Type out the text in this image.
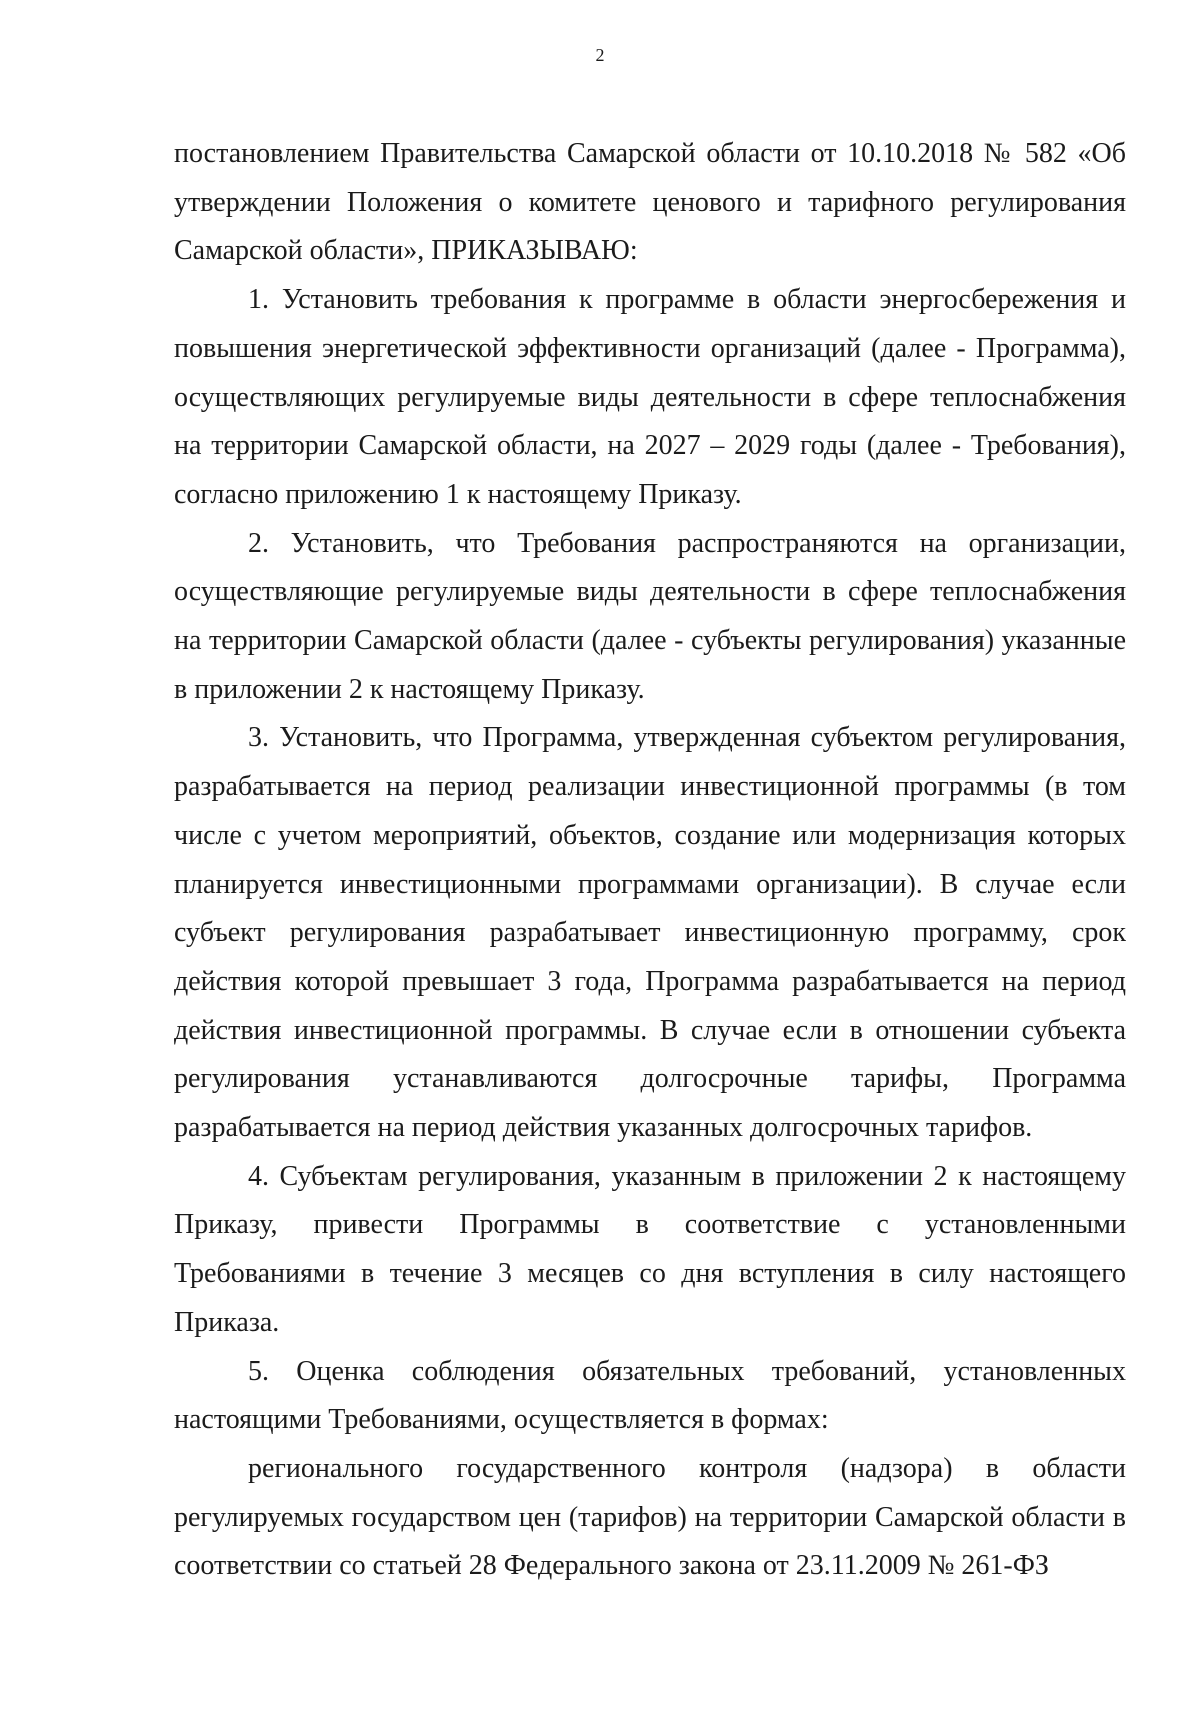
2

постановлением Правительства Самарской области от 10.10.2018 № 582 «Об утверждении Положения о комитете ценового и тарифного регулирования Самарской области», ПРИКАЗЫВАЮ:

1. Установить требования к программе в области энергосбережения и повышения энергетической эффективности организаций (далее - Программа), осуществляющих регулируемые виды деятельности в сфере теплоснабжения на территории Самарской области, на 2027 – 2029 годы (далее - Требования), согласно приложению 1 к настоящему Приказу.

2. Установить, что Требования распространяются на организации, осуществляющие регулируемые виды деятельности в сфере теплоснабжения на территории Самарской области (далее - субъекты регулирования) указанные в приложении 2 к настоящему Приказу.

3. Установить, что Программа, утвержденная субъектом регулирования, разрабатывается на период реализации инвестиционной программы (в том числе с учетом мероприятий, объектов, создание или модернизация которых планируется инвестиционными программами организации). В случае если субъект регулирования разрабатывает инвестиционную программу, срок действия которой превышает 3 года, Программа разрабатывается на период действия инвестиционной программы. В случае если в отношении субъекта регулирования устанавливаются долгосрочные тарифы, Программа разрабатывается на период действия указанных долгосрочных тарифов.

4. Субъектам регулирования, указанным в приложении 2 к настоящему Приказу, привести Программы в соответствие с установленными Требованиями в течение 3 месяцев со дня вступления в силу настоящего Приказа.

5. Оценка соблюдения обязательных требований, установленных настоящими Требованиями, осуществляется в формах:

регионального государственного контроля (надзора) в области регулируемых государством цен (тарифов) на территории Самарской области в соответствии со статьей 28 Федерального закона от 23.11.2009 № 261-ФЗ
